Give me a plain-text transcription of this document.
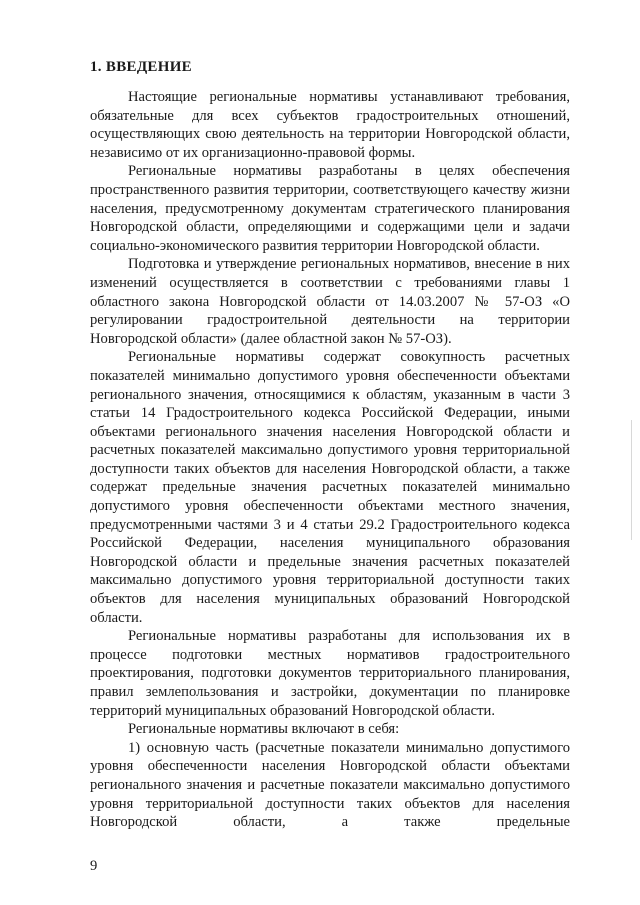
1. ВВЕДЕНИЕ

Настоящие региональные нормативы устанавливают требования, обязательные для всех субъектов градостроительных отношений, осуществляющих свою деятельность на территории Новгородской области, независимо от их организационно-правовой формы.

Региональные нормативы разработаны в целях обеспечения пространственного развития территории, соответствующего качеству жизни населения, предусмотренному документам стратегического планирования Новгородской области, определяющими и содержащими цели и задачи социально-экономического развития территории Новгородской области.

Подготовка и утверждение региональных нормативов, внесение в них изменений осуществляется в соответствии с требованиями главы 1 областного закона Новгородской области от 14.03.2007 № 57-ОЗ «О регулировании градостроительной деятельности на территории Новгородской области» (далее областной закон № 57-ОЗ).

Региональные нормативы содержат совокупность расчетных показателей минимально допустимого уровня обеспеченности объектами регионального значения, относящимися к областям, указанным в части 3 статьи 14 Градостроительного кодекса Российской Федерации, иными объектами регионального значения населения Новгородской области и расчетных показателей максимально допустимого уровня территориальной доступности таких объектов для населения Новгородской области, а также содержат предельные значения расчетных показателей минимально допустимого уровня обеспеченности объектами местного значения, предусмотренными частями 3 и 4 статьи 29.2 Градостроительного кодекса Российской Федерации, населения муниципального образования Новгородской области и предельные значения расчетных показателей максимально допустимого уровня территориальной доступности таких объектов для населения муниципальных образований Новгородской области.

Региональные нормативы разработаны для использования их в процессе подготовки местных нормативов градостроительного проектирования, подготовки документов территориального планирования, правил землепользования и застройки, документации по планировке территорий муниципальных образований Новгородской области.

Региональные нормативы включают в себя:

1) основную часть (расчетные показатели минимально допустимого уровня обеспеченности населения Новгородской области объектами регионального значения и расчетные показатели максимально допустимого уровня территориальной доступности таких объектов для населения Новгородской области, а также предельные

9
